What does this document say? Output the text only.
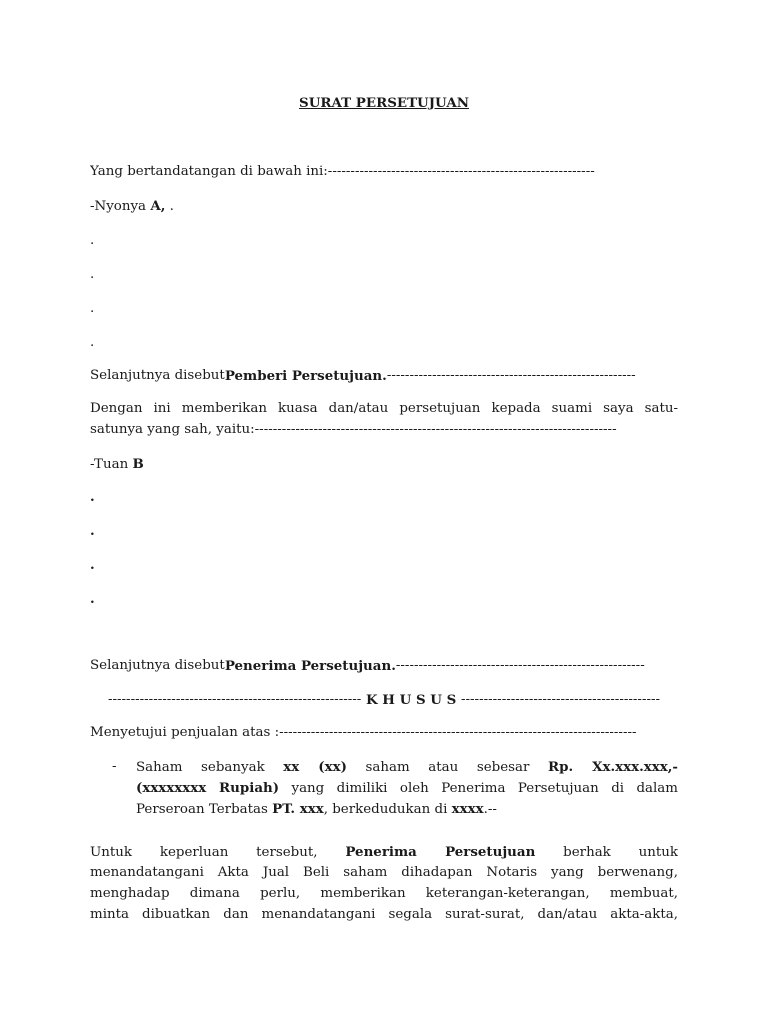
SURAT PERSETUJUAN
Yang bertandatangan di bawah ini: -----------------------------------------------------------
-Nyonya A, .
.
.
.
.
Selanjutnya disebut Pemberi Persetujuan. -------------------------------------------------------
Dengan ini memberikan kuasa dan/atau persetujuan kepada suami saya satu-
satunya yang sah, yaitu: --------------------------------------------------------------------------------
-Tuan B
.
.
.
.
Selanjutnya disebut Penerima Persetujuan. -------------------------------------------------------
-------------------------------------------------------- K H U S U S --------------------------------------------
Menyetujui penjualan atas : -------------------------------------------------------------------------------
- Saham sebanyak xx (xx) saham atau sebesar Rp. Xx.xxx.xxx,-
(xxxxxxxx Rupiah) yang dimiliki oleh Penerima Persetujuan di dalam
Perseroan Terbatas PT. xxx, berkedudukan di xxxx.--
Untuk keperluan tersebut, Penerima Persetujuan berhak untuk
menandatangani Akta Jual Beli saham dihadapan Notaris yang berwenang,
menghadap dimana perlu, memberikan keterangan-keterangan, membuat,
minta dibuatkan dan menandatangani segala surat-surat, dan/atau akta-akta,
